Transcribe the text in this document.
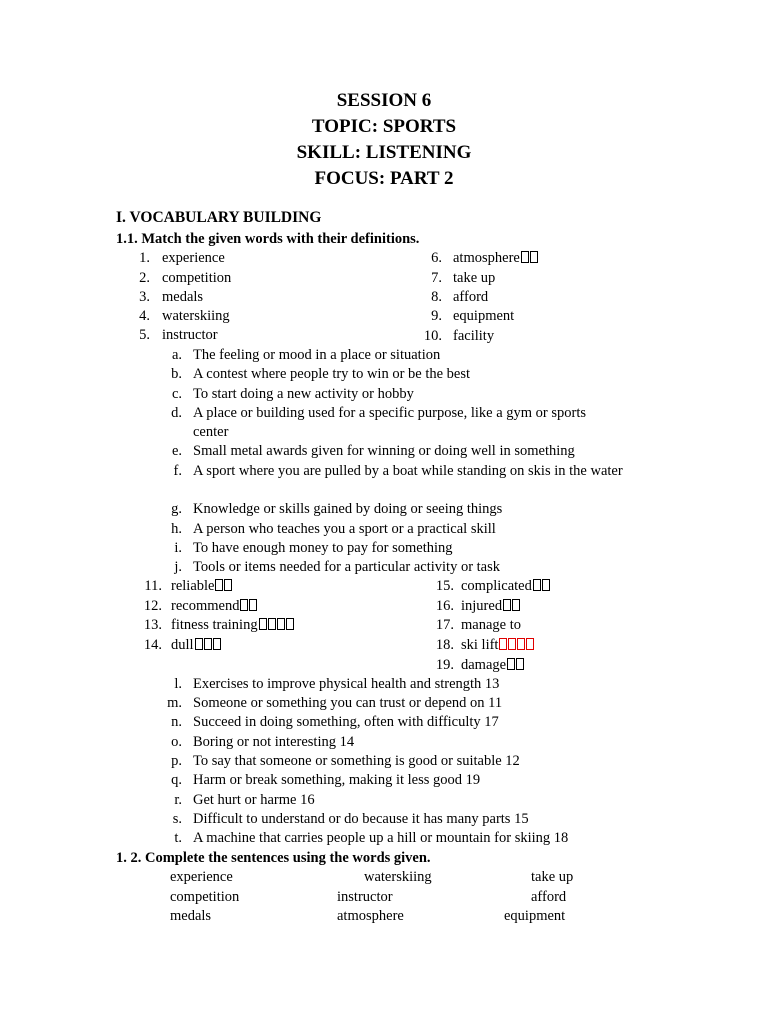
SESSION 6
TOPIC: SPORTS
SKILL: LISTENING
FOCUS: PART 2
I. VOCABULARY BUILDING
1.1. Match the given words with their definitions.
1. experience
2. competition
3. medals
4. waterskiing
5. instructor
6. atmosphere
7. take up
8. afford
9. equipment
10. facility
a. The feeling or mood in a place or situation
b. A contest where people try to win or be the best
c. To start doing a new activity or hobby
d. A place or building used for a specific purpose, like a gym or sports center
e. Small metal awards given for winning or doing well in something
f. A sport where you are pulled by a boat while standing on skis in the water
g. Knowledge or skills gained by doing or seeing things
h. A person who teaches you a sport or a practical skill
i. To have enough money to pay for something
j. Tools or items needed for a particular activity or task
11. reliable
12. recommend
13. fitness training
14. dull
15. complicated
16. injured
17. manage to
18. ski lift
19. damage
l. Exercises to improve physical health and strength 13
m. Someone or something you can trust or depend on 11
n. Succeed in doing something, often with difficulty 17
o. Boring or not interesting 14
p. To say that someone or something is good or suitable 12
q. Harm or break something, making it less good 19
r. Get hurt or harme 16
s. Difficult to understand or do because it has many parts 15
t. A machine that carries people up a hill or mountain for skiing 18
1. 2. Complete the sentences using the words given.
experience	waterskiing	take up
competition	instructor	afford
medals	atmosphere	equipment
